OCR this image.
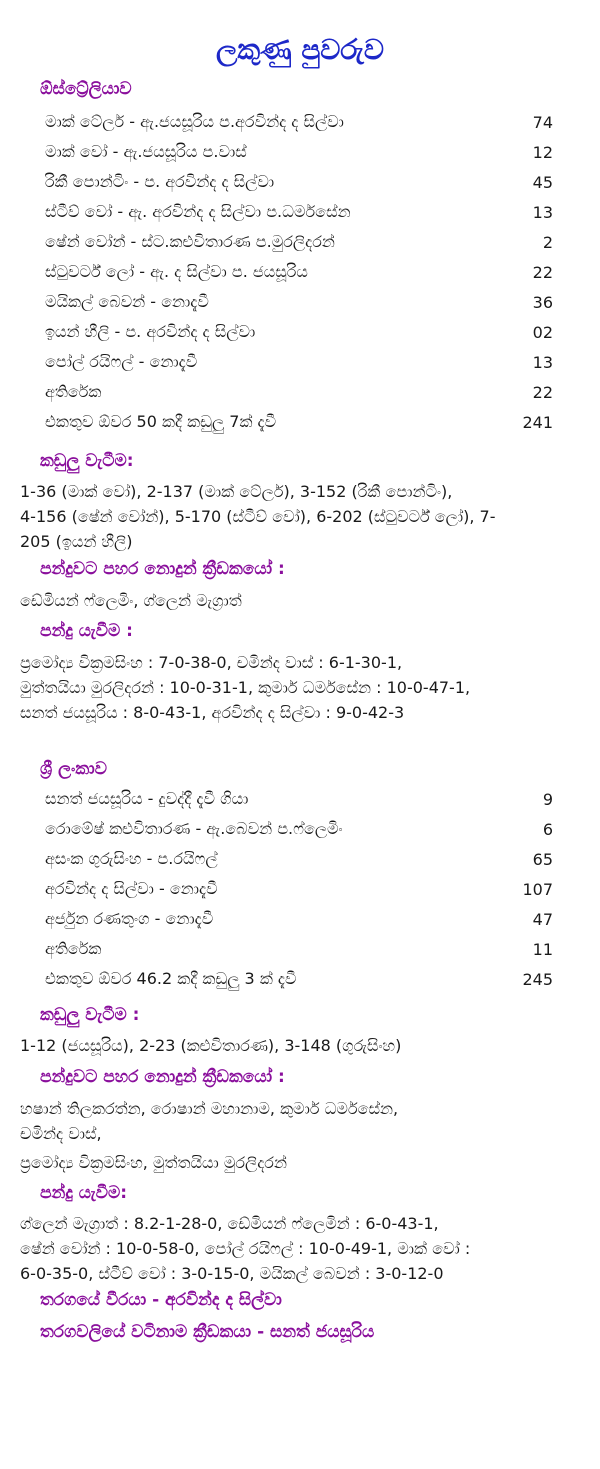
ලකුණු පුවරුව
ඕස්ට්‍රේලියාව
මාක් ටේලර් - ඇ.ජයසූරිය ප.අරවින්ද ද සිල්වා	74
මාක් වෝ - ඇ.ජයසූරිය ප.වාස්	12
රිකී පොන්ටිං - ප. අරවින්ද ද සිල්වා	45
ස්ටීව් වෝ - ඇ. අරවින්ද ද සිල්වා ප.ධර්මසේන	13
ෂේන් වෝන් - ස්ට.කළුවිතාරණ ප.මුරලිදරන්	2
ස්ටුවර්ට් ලෝ - ඇ. ද සිල්වා ප. ජයසූරිය	22
මයිකල් බෙවන් - නොදැවී	36
ඉයන් හීලි - ප. අරවින්ද ද සිල්වා	02
පෝල් රයිෆල් - නොදැවී	13
අතිරේක	22
එකතුව ඕවර 50 කදී කඩුලු 7ක් දැවී	241
කඩුලු වැටීම:
1-36 (මාක් වෝ), 2-137 (මාක් ටේලර්), 3-152 (රිකී පොන්ටිං),
4-156 (ෂේන් වෝන්), 5-170 (ස්ටීව් වෝ), 6-202 (ස්ටුවර්ට් ලෝ), 7-
205 (ඉයන් හීලි)
පන්දුවට පහර නොදුන් ක්‍රීඩකයෝ :
ඩේමියන් ෆ්ලෙමිං, ග්ලෙන් මැග්‍රාත්
පන්දු යැවීම :
ප්‍රමෝද්‍ය වික්‍රමසිංහ : 7-0-38-0, චමින්ද වාස් : 6-1-30-1,
මුත්තයියා මුරලිදරන් : 10-0-31-1, කුමාර් ධර්මසේන : 10-0-47-1,
සනත් ජයසූරිය : 8-0-43-1, අරවින්ද ද සිල්වා : 9-0-42-3
ශ්‍රී ලංකාව
සනත් ජයසූරිය - දුවද්දී දැවී ගියා	9
රොමේෂ් කළුවිතාරණ - ඇ.බෙවන් ප.ෆ්ලෙමිං	6
අසංක ගුරුසිංහ - ප.රයිෆල්	65
අරවින්ද ද සිල්වා - නොදැවී	107
අර්ජුන රණතුංග - නොදැවී	47
අතිරේක	11
එකතුව ඕවර 46.2 කදී කඩුලු 3 ක් දැවී	245
කඩුලු වැටීම :
1-12 (ජයසූරිය), 2-23 (කළුවිතාරණ), 3-148 (ගුරුසිංහ)
පන්දුවට පහර නොදුන් ක්‍රීඩකයෝ :
හෂාන් තිලකරත්න, රොෂාන් මහානාම, කුමාර් ධර්මසේන,
චමින්ද වාස්,
ප්‍රමෝද්‍ය වික්‍රමසිංහ, මුත්තයියා මුරලිදරන්
පන්දු යැවීම:
ග්ලෙන් මැග්‍රාත් : 8.2-1-28-0, ඩේමියන් ෆ්ලෙමින් : 6-0-43-1,
ෂේන් වෝන් : 10-0-58-0, පෝල් රයිෆල් : 10-0-49-1, මාක් වෝ :
6-0-35-0, ස්ටීව් වෝ : 3-0-15-0, මයිකල් බෙවන් : 3-0-12-0
තරගයේ වීරයා - අරවින්ද ද සිල්වා
තරගවලියේ වටිනාම ක්‍රීඩකයා - සනත් ජයසූරිය
